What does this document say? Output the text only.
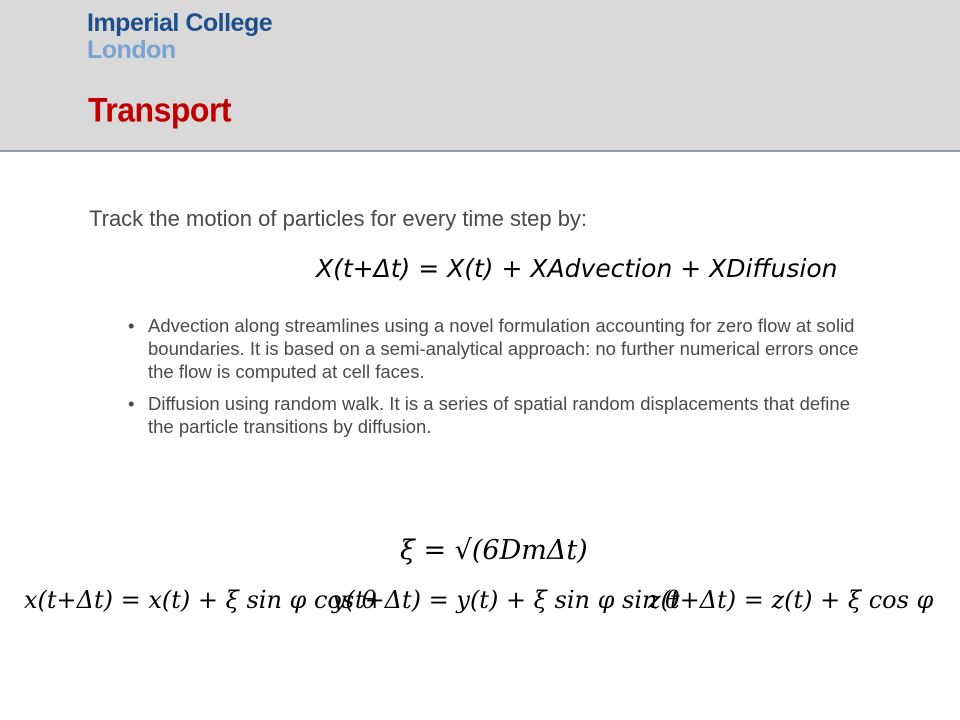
Imperial College
London
Transport

Track the motion of particles for every time step by:

X(t+Δt) = X(t) + XAdvection + XDiffusion
• Advection along streamlines using a novel formulation accounting for zero flow at solid boundaries. It is based on a semi-analytical approach: no further numerical errors once the flow is computed at cell faces.
• Diffusion using random walk. It is a series of spatial random displacements that define the particle transitions by diffusion.
ξ = √(6DmΔt)
x(t+Δt) = x(t) + ξ sin φ cos θ
y(t+Δt) = y(t) + ξ sin φ sin θ
z(t+Δt) = z(t) + ξ cos φ
